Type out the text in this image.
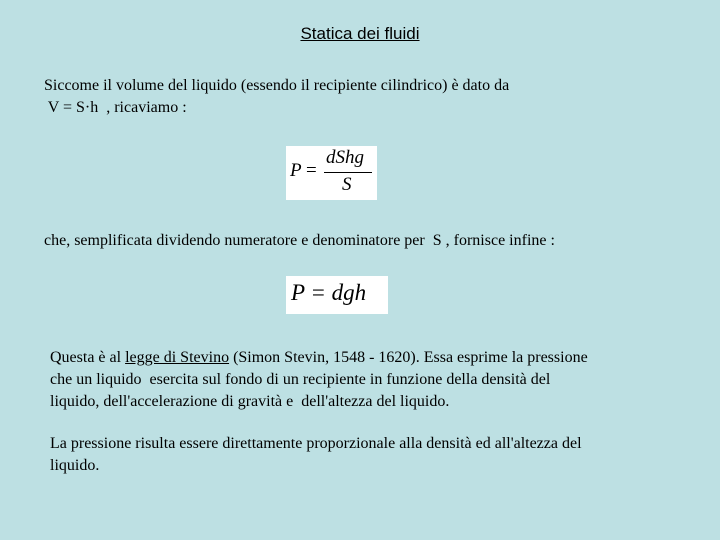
Statica dei fluidi

Siccome il volume del liquido (essendo il recipiente cilindrico) è dato da
V = S·h  , ricaviamo :

P =
dShg
S

che, semplificata dividendo numeratore e denominatore per  S , fornisce infine :

P = dgh

Questa è al legge di Stevino (Simon Stevin, 1548 - 1620). Essa esprime la pressione
che un liquido  esercita sul fondo di un recipiente in funzione della densità del
liquido, dell'accelerazione di gravità e  dell'altezza del liquido.

La pressione risulta essere direttamente proporzionale alla densità ed all'altezza del
liquido.
